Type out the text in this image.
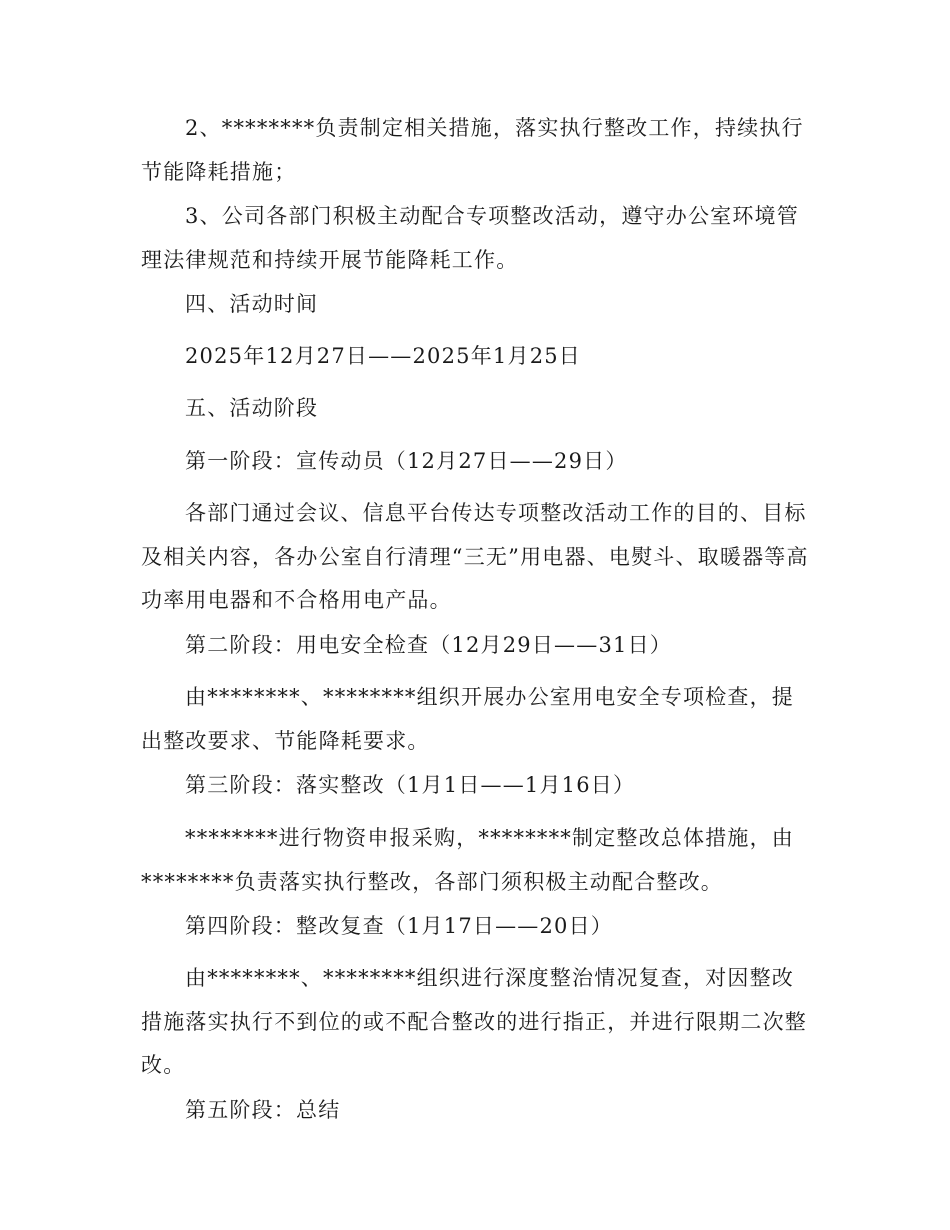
2、********负责制定相关措施，落实执行整改工作，持续执行节能降耗措施；

3、公司各部门积极主动配合专项整改活动，遵守办公室环境管理法律规范和持续开展节能降耗工作。

四、活动时间

2025年12月27日——2025年1月25日

五、活动阶段

第一阶段：宣传动员（12月27日——29日）

各部门通过会议、信息平台传达专项整改活动工作的目的、目标及相关内容，各办公室自行清理“三无”用电器、电熨斗、取暖器等高功率用电器和不合格用电产品。

第二阶段：用电安全检查（12月29日——31日）

由********、********组织开展办公室用电安全专项检查，提出整改要求、节能降耗要求。

第三阶段：落实整改（1月1日——1月16日）

********进行物资申报采购，********制定整改总体措施，由********负责落实执行整改，各部门须积极主动配合整改。

第四阶段：整改复查（1月17日——20日）

由********、********组织进行深度整治情况复查，对因整改措施落实执行不到位的或不配合整改的进行指正，并进行限期二次整改。

第五阶段：总结
